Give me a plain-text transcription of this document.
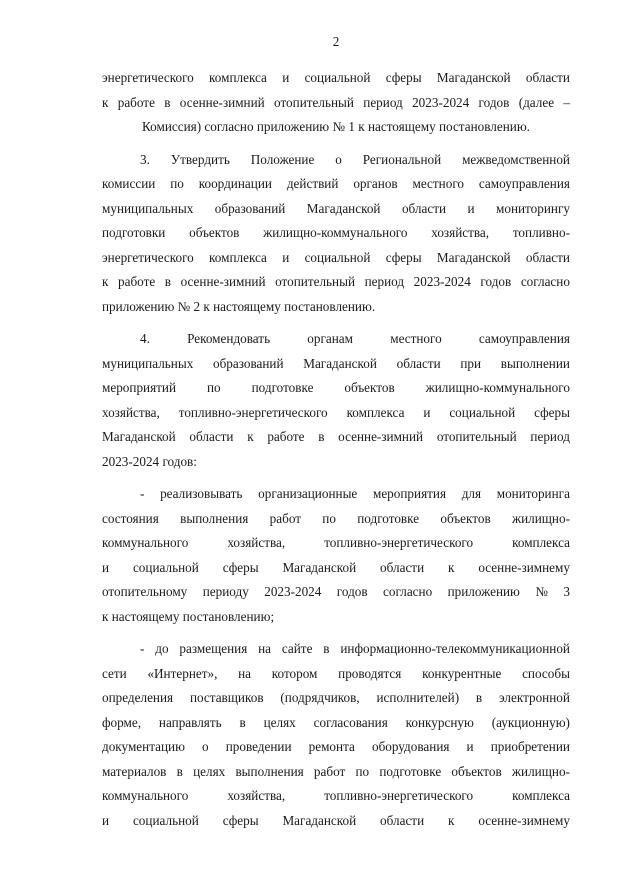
2
энергетического комплекса и социальной сферы Магаданской области
к работе в осенне-зимний отопительный период 2023-2024 годов (далее –
Комиссия) согласно приложению № 1 к настоящему постановлению.
3. Утвердить Положение о Региональной межведомственной
комиссии по координации действий органов местного самоуправления
муниципальных образований Магаданской области и мониторингу
подготовки объектов жилищно-коммунального хозяйства, топливно-
энергетического комплекса и социальной сферы Магаданской области
к работе в осенне-зимний отопительный период 2023-2024 годов согласно
приложению № 2 к настоящему постановлению.
4.	Рекомендовать	органам	местного	самоуправления
муниципальных образований Магаданской области при выполнении
мероприятий по подготовке объектов жилищно-коммунального
хозяйства, топливно-энергетического комплекса и социальной сферы
Магаданской области к работе в осенне-зимний отопительный период
2023-2024 годов:
- реализовывать организационные мероприятия для мониторинга
состояния выполнения работ по подготовке объектов жилищно-
коммунального	хозяйства,	топливно-энергетического	комплекса
и социальной сферы Магаданской области к осенне-зимнему
отопительному периоду 2023-2024 годов согласно приложению № 3
к настоящему постановлению;
- до размещения на сайте в информационно-телекоммуникационной
сети «Интернет», на котором проводятся конкурентные способы
определения поставщиков (подрядчиков, исполнителей) в электронной
форме, направлять в целях согласования конкурсную (аукционную)
документацию о проведении ремонта оборудования и приобретении
материалов в целях выполнения работ по подготовке объектов жилищно-
коммунального	хозяйства,	топливно-энергетического	комплекса
и социальной сферы Магаданской области к осенне-зимнему
